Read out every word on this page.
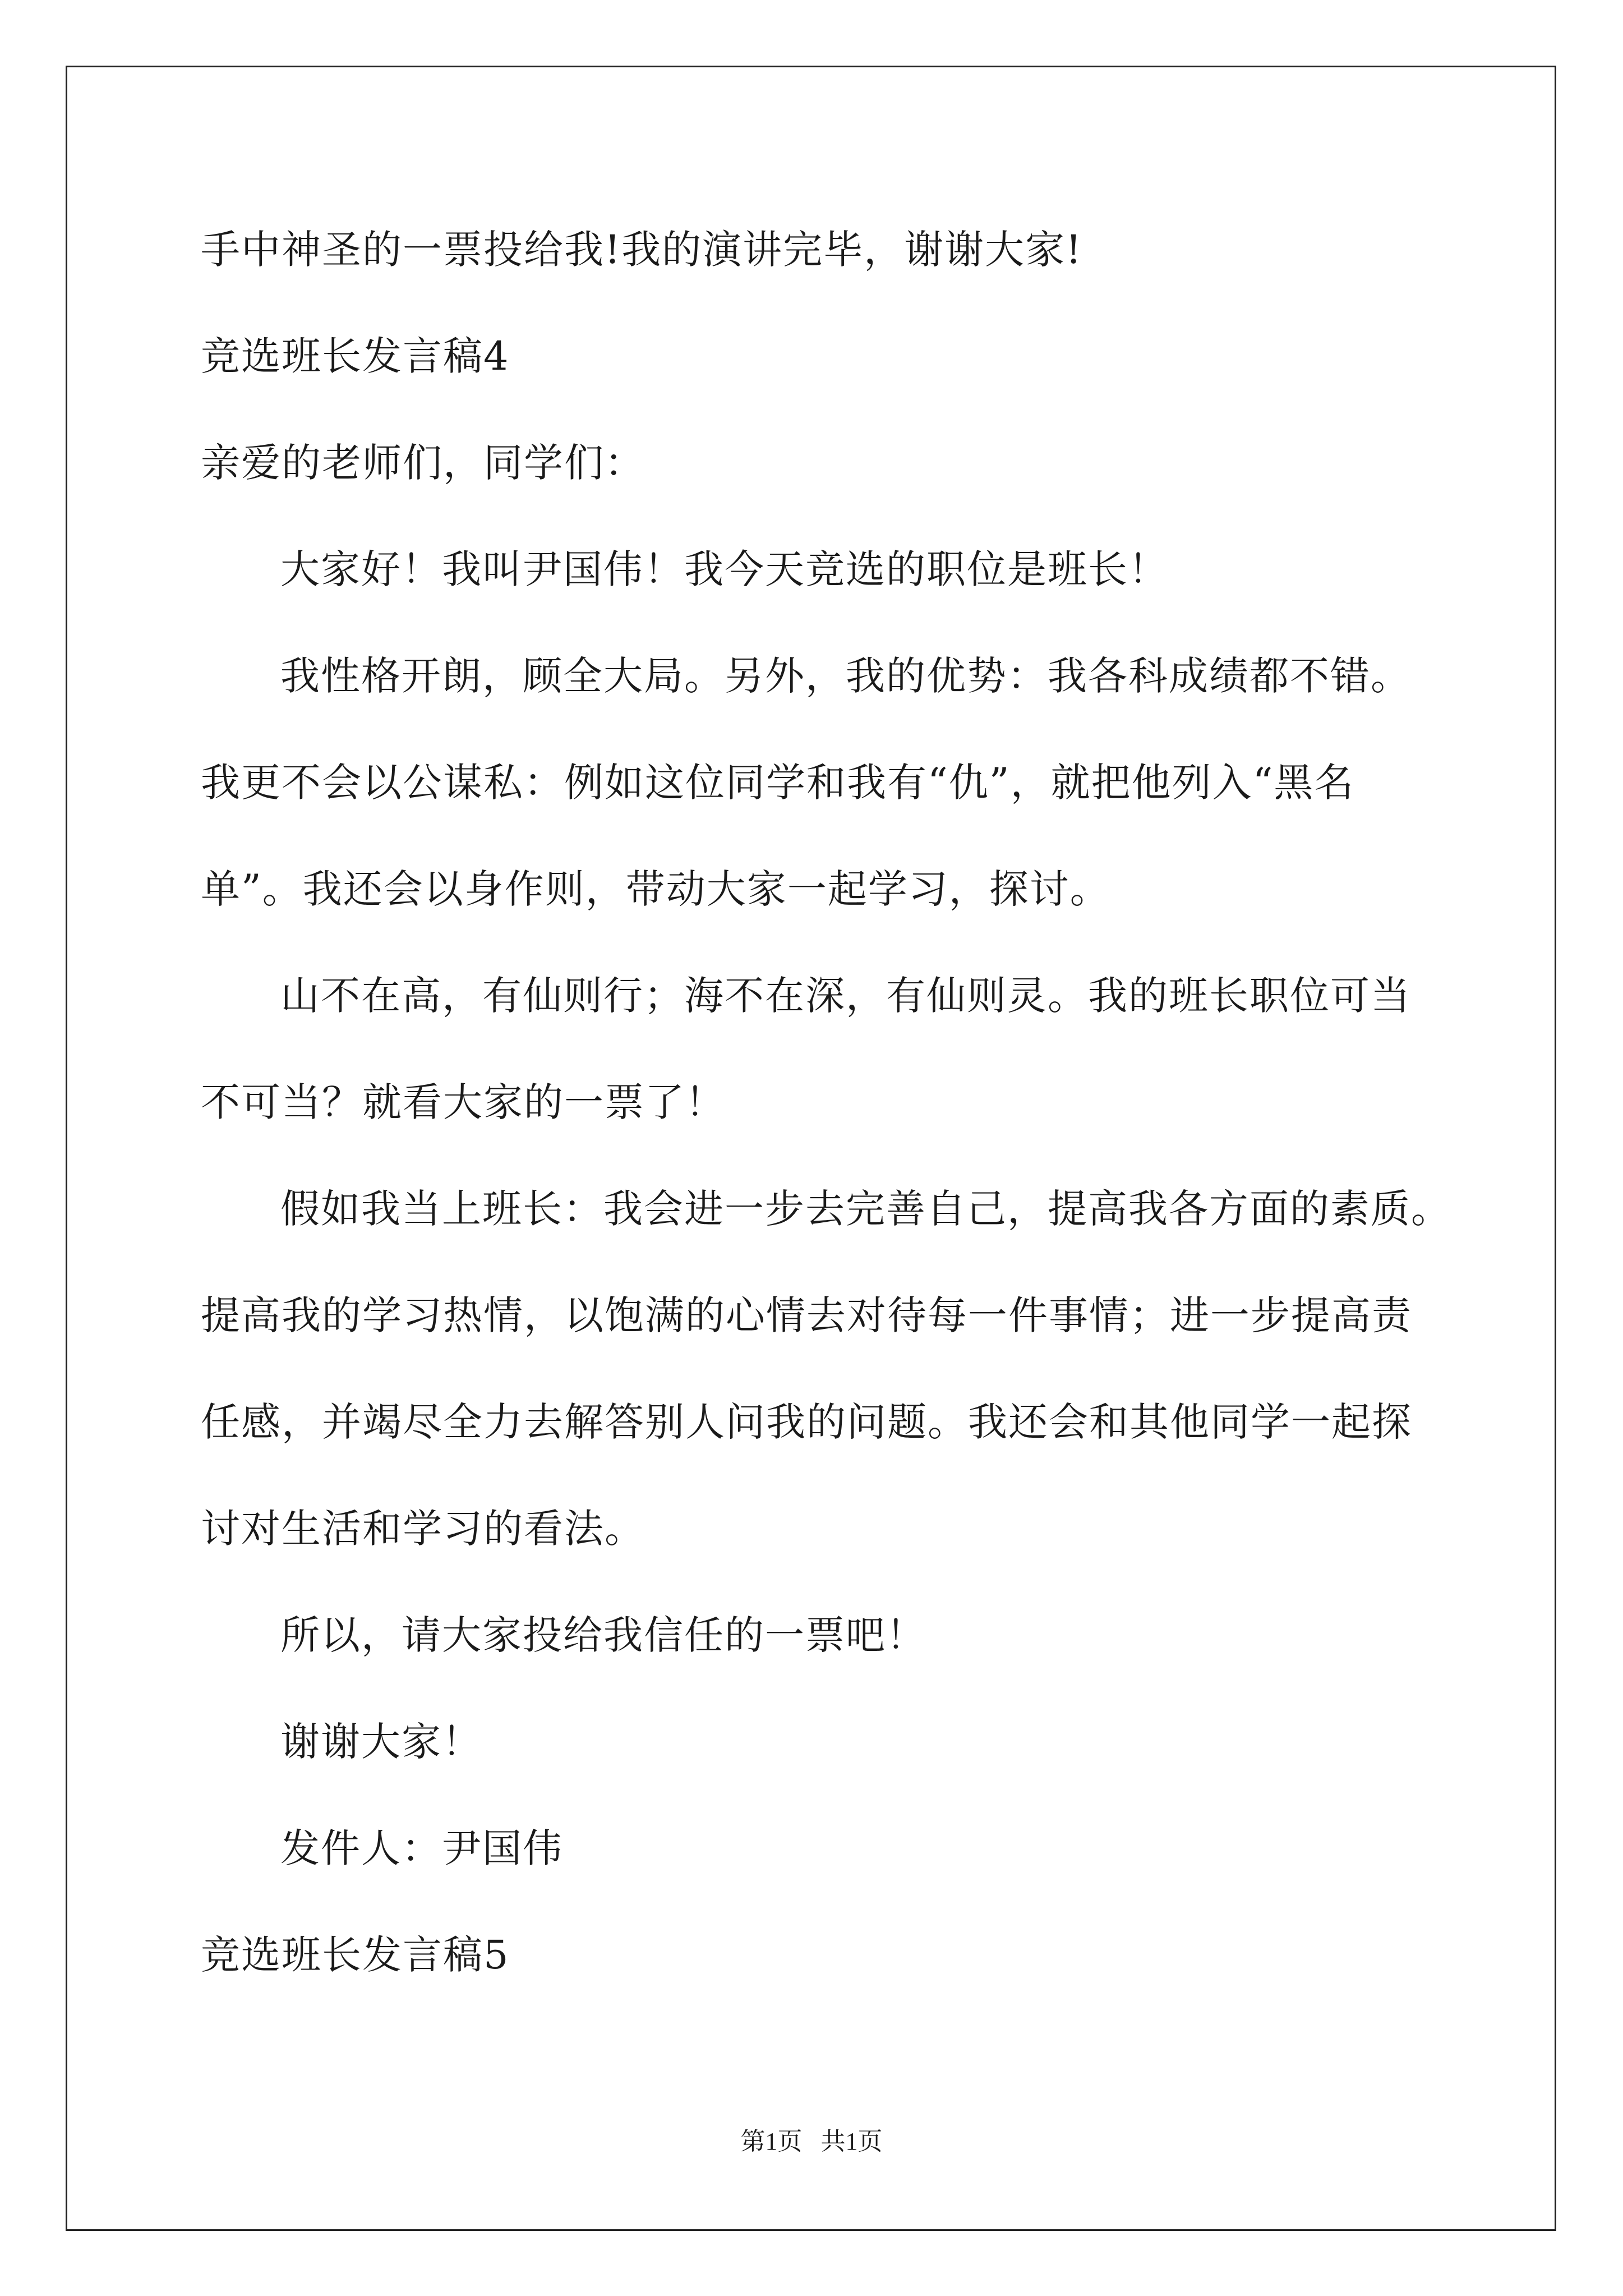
手中神圣的一票投给我!我的演讲完毕，谢谢大家!

竞选班长发言稿4

亲爱的老师们，同学们：

大家好！我叫尹国伟！我今天竞选的职位是班长！

我性格开朗，顾全大局。另外，我的优势：我各科成绩都不错。

我更不会以公谋私：例如这位同学和我有“仇”，就把他列入“黑名

单”。我还会以身作则，带动大家一起学习，探讨。

山不在高，有仙则行；海不在深，有仙则灵。我的班长职位可当

不可当？就看大家的一票了！

假如我当上班长：我会进一步去完善自己，提高我各方面的素质。

提高我的学习热情，以饱满的心情去对待每一件事情；进一步提高责

任感，并竭尽全力去解答别人问我的问题。我还会和其他同学一起探

讨对生活和学习的看法。

所以，请大家投给我信任的一票吧！

谢谢大家！

发件人：尹国伟

竞选班长发言稿5

第1页   共1页
